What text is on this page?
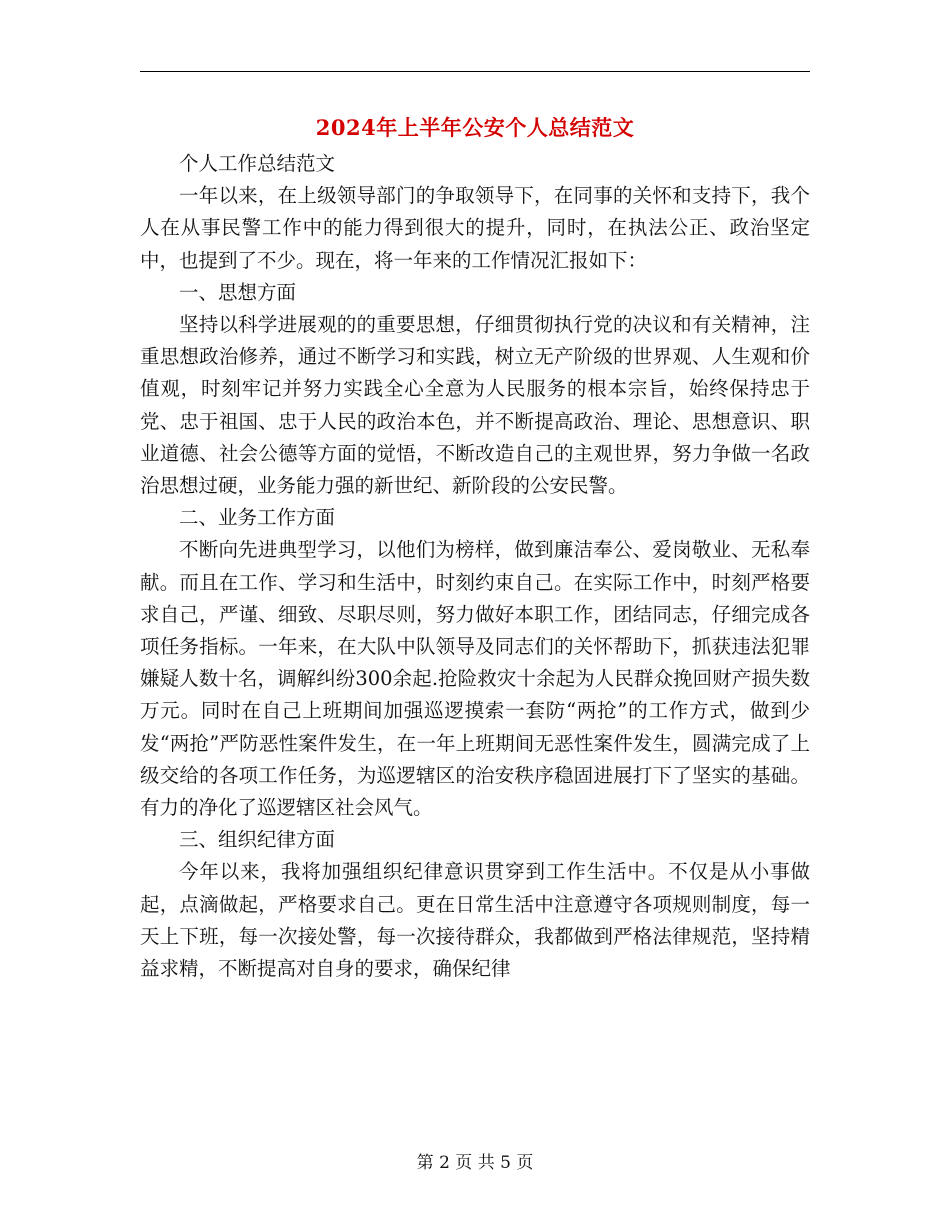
2024年上半年公安个人总结范文

个人工作总结范文

一年以来，在上级领导部门的争取领导下，在同事的关怀和支持下，我个人在从事民警工作中的能力得到很大的提升，同时，在执法公正、政治坚定中，也提到了不少。现在，将一年来的工作情况汇报如下：

一、思想方面

坚持以科学进展观的的重要思想，仔细贯彻执行党的决议和有关精神，注重思想政治修养，通过不断学习和实践，树立无产阶级的世界观、人生观和价值观，时刻牢记并努力实践全心全意为人民服务的根本宗旨，始终保持忠于党、忠于祖国、忠于人民的政治本色，并不断提高政治、理论、思想意识、职业道德、社会公德等方面的觉悟，不断改造自己的主观世界，努力争做一名政治思想过硬，业务能力强的新世纪、新阶段的公安民警。

二、业务工作方面

不断向先进典型学习，以他们为榜样，做到廉洁奉公、爱岗敬业、无私奉献。而且在工作、学习和生活中，时刻约束自己。在实际工作中，时刻严格要求自己，严谨、细致、尽职尽则，努力做好本职工作，团结同志，仔细完成各项任务指标。一年来，在大队中队领导及同志们的关怀帮助下，抓获违法犯罪嫌疑人数十名，调解纠纷300余起.抢险救灾十余起为人民群众挽回财产损失数万元。同时在自己上班期间加强巡逻摸索一套防“两抢”的工作方式，做到少发“两抢”严防恶性案件发生，在一年上班期间无恶性案件发生，圆满完成了上级交给的各项工作任务，为巡逻辖区的治安秩序稳固进展打下了坚实的基础。有力的净化了巡逻辖区社会风气。

三、组织纪律方面

今年以来，我将加强组织纪律意识贯穿到工作生活中。不仅是从小事做起，点滴做起，严格要求自己。更在日常生活中注意遵守各项规则制度，每一天上下班，每一次接处警，每一次接待群众，我都做到严格法律规范，坚持精益求精，不断提高对自身的要求，确保纪律

第 2 页 共 5 页
